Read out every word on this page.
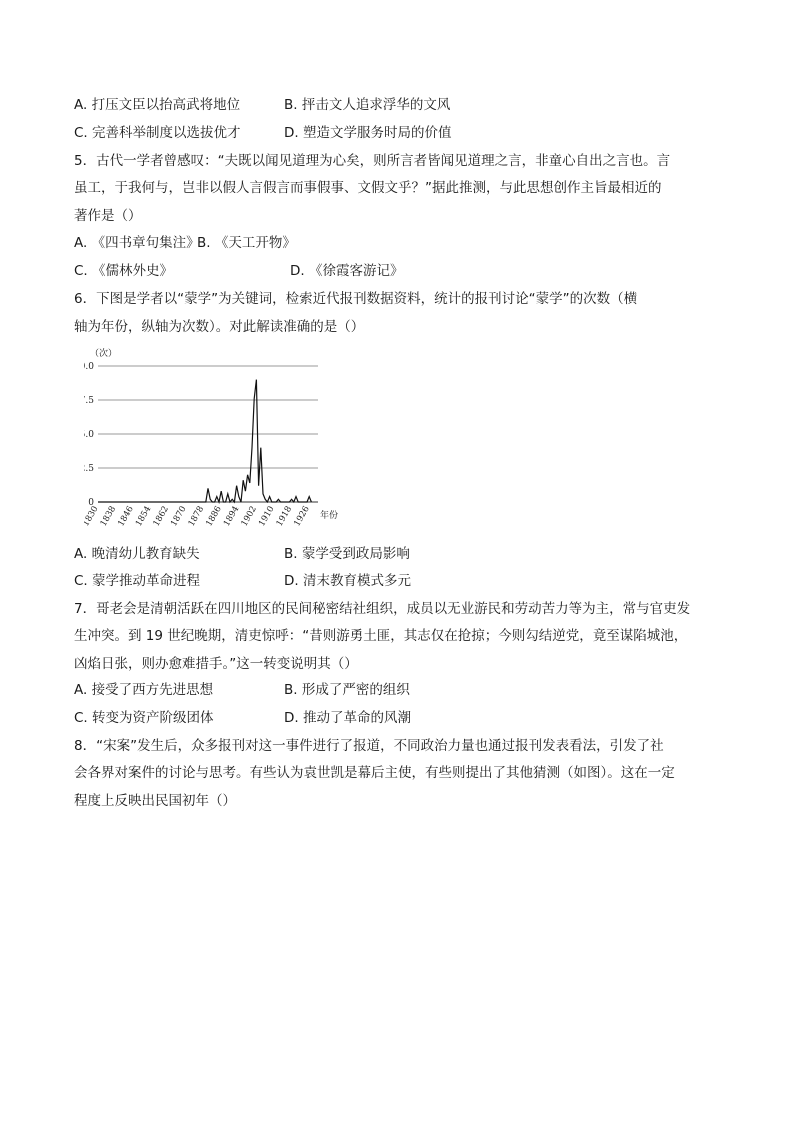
A. 打压文臣以抬高武将地位	B. 抨击文人追求浮华的文风
C. 完善科举制度以选拔优才	D. 塑造文学服务时局的价值
5．古代一学者曾感叹：“夫既以闻见道理为心矣，则所言者皆闻见道理之言，非童心自出之言也。言
虽工，于我何与，岂非以假人言假言而事假事、文假文乎？”据此推测，与此思想创作主旨最相近的
著作是（）
A. 《四书章句集注》
B. 《天工开物》
C. 《儒林外史》	D. 《徐霞客游记》
6．下图是学者以“蒙学”为关键词，检索近代报刊数据资料，统计的报刊讨论“蒙学”的次数（横
轴为年份，纵轴为次数）。对此解读准确的是（）
（次）
0
.5
.0
.5
.0
1830
1838
1846
1854
1862
1870
1878
1886
1894
1902
1910
1918
1926 年份
A. 晚清幼儿教育缺失	B. 蒙学受到政局影响
C. 蒙学推动革命进程	D. 清末教育模式多元
7．哥老会是清朝活跃在四川地区的民间秘密结社组织，成员以无业游民和劳动苦力等为主，常与官吏发
生冲突。到 19 世纪晚期，清吏惊呼：“昔则游勇土匪，其志仅在抢掠；今则勾结逆党，竟至谋陷城池，
凶焰日张，则办愈难措手。”这一转变说明其（）
A. 接受了西方先进思想	B. 形成了严密的组织
C. 转变为资产阶级团体	D. 推动了革命的风潮
8．“宋案”发生后，众多报刊对这一事件进行了报道，不同政治力量也通过报刊发表看法，引发了社
会各界对案件的讨论与思考。有些认为袁世凯是幕后主使，有些则提出了其他猜测（如图）。这在一定
程度上反映出民国初年（）
